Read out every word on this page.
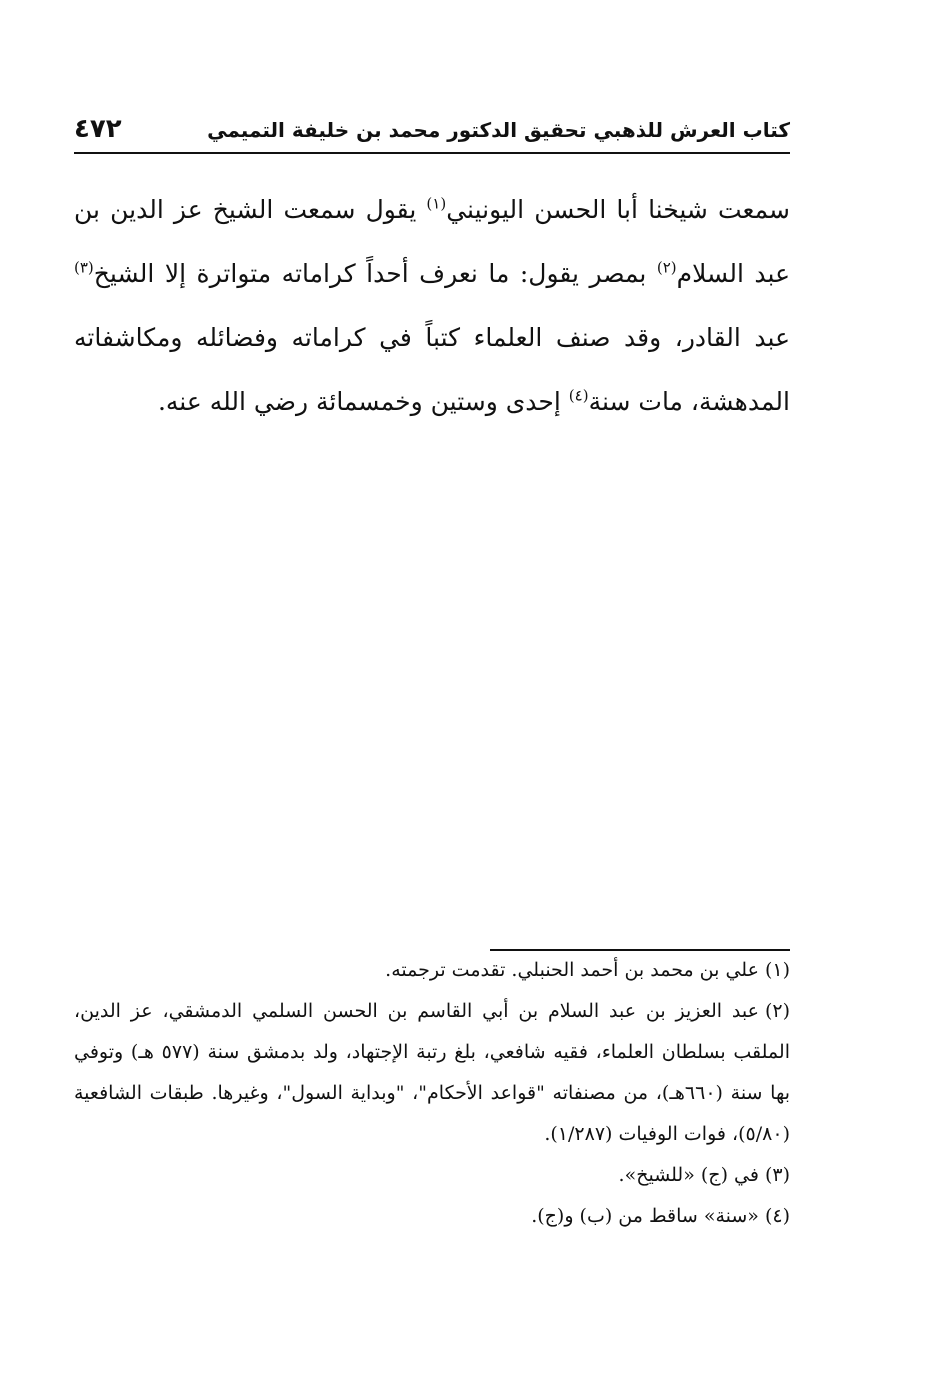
كتاب العرش للذهبي تحقيق الدكتور محمد بن خليفة التميمي
٤٧٢
سمعت شيخنا أبا الحسن اليونيني$^{(١)}$ يقول سمعت الشيخ عز الدين بن
عبد السلام$^{(٢)}$ بمصر يقول: ما نعرف أحداً كراماته متواترة إلا الشيخ$^{(٣)}$
عبد القادر، وقد صنف العلماء كتباً في كراماته وفضائله ومكاشفاته
المدهشة، مات سنة$^{(٤)}$ إحدى وستين وخمسمائة رضي الله عنه.

(١)علي بن محمد بن أحمد الحنبلي. تقدمت ترجمته.

(٢)عبد العزيز بن عبد السلام بن أبي القاسم بن الحسن السلمي الدمشقي، عز الدين، الملقب بسلطان العلماء، فقيه شافعي، بلغ رتبة الإجتهاد، ولد بدمشق سنة (٥٧٧ هـ) وتوفي بها سنة (٦٦٠هـ)، من مصنفاته "قواعد الأحكام"، "وبداية السول"، وغيرها. طبقات الشافعية (٥/٨٠)، فوات الوفيات (١/٢٨٧).

(٣)في (ج) «للشيخ».

(٤)«سنة» ساقط من (ب) و(ج).
